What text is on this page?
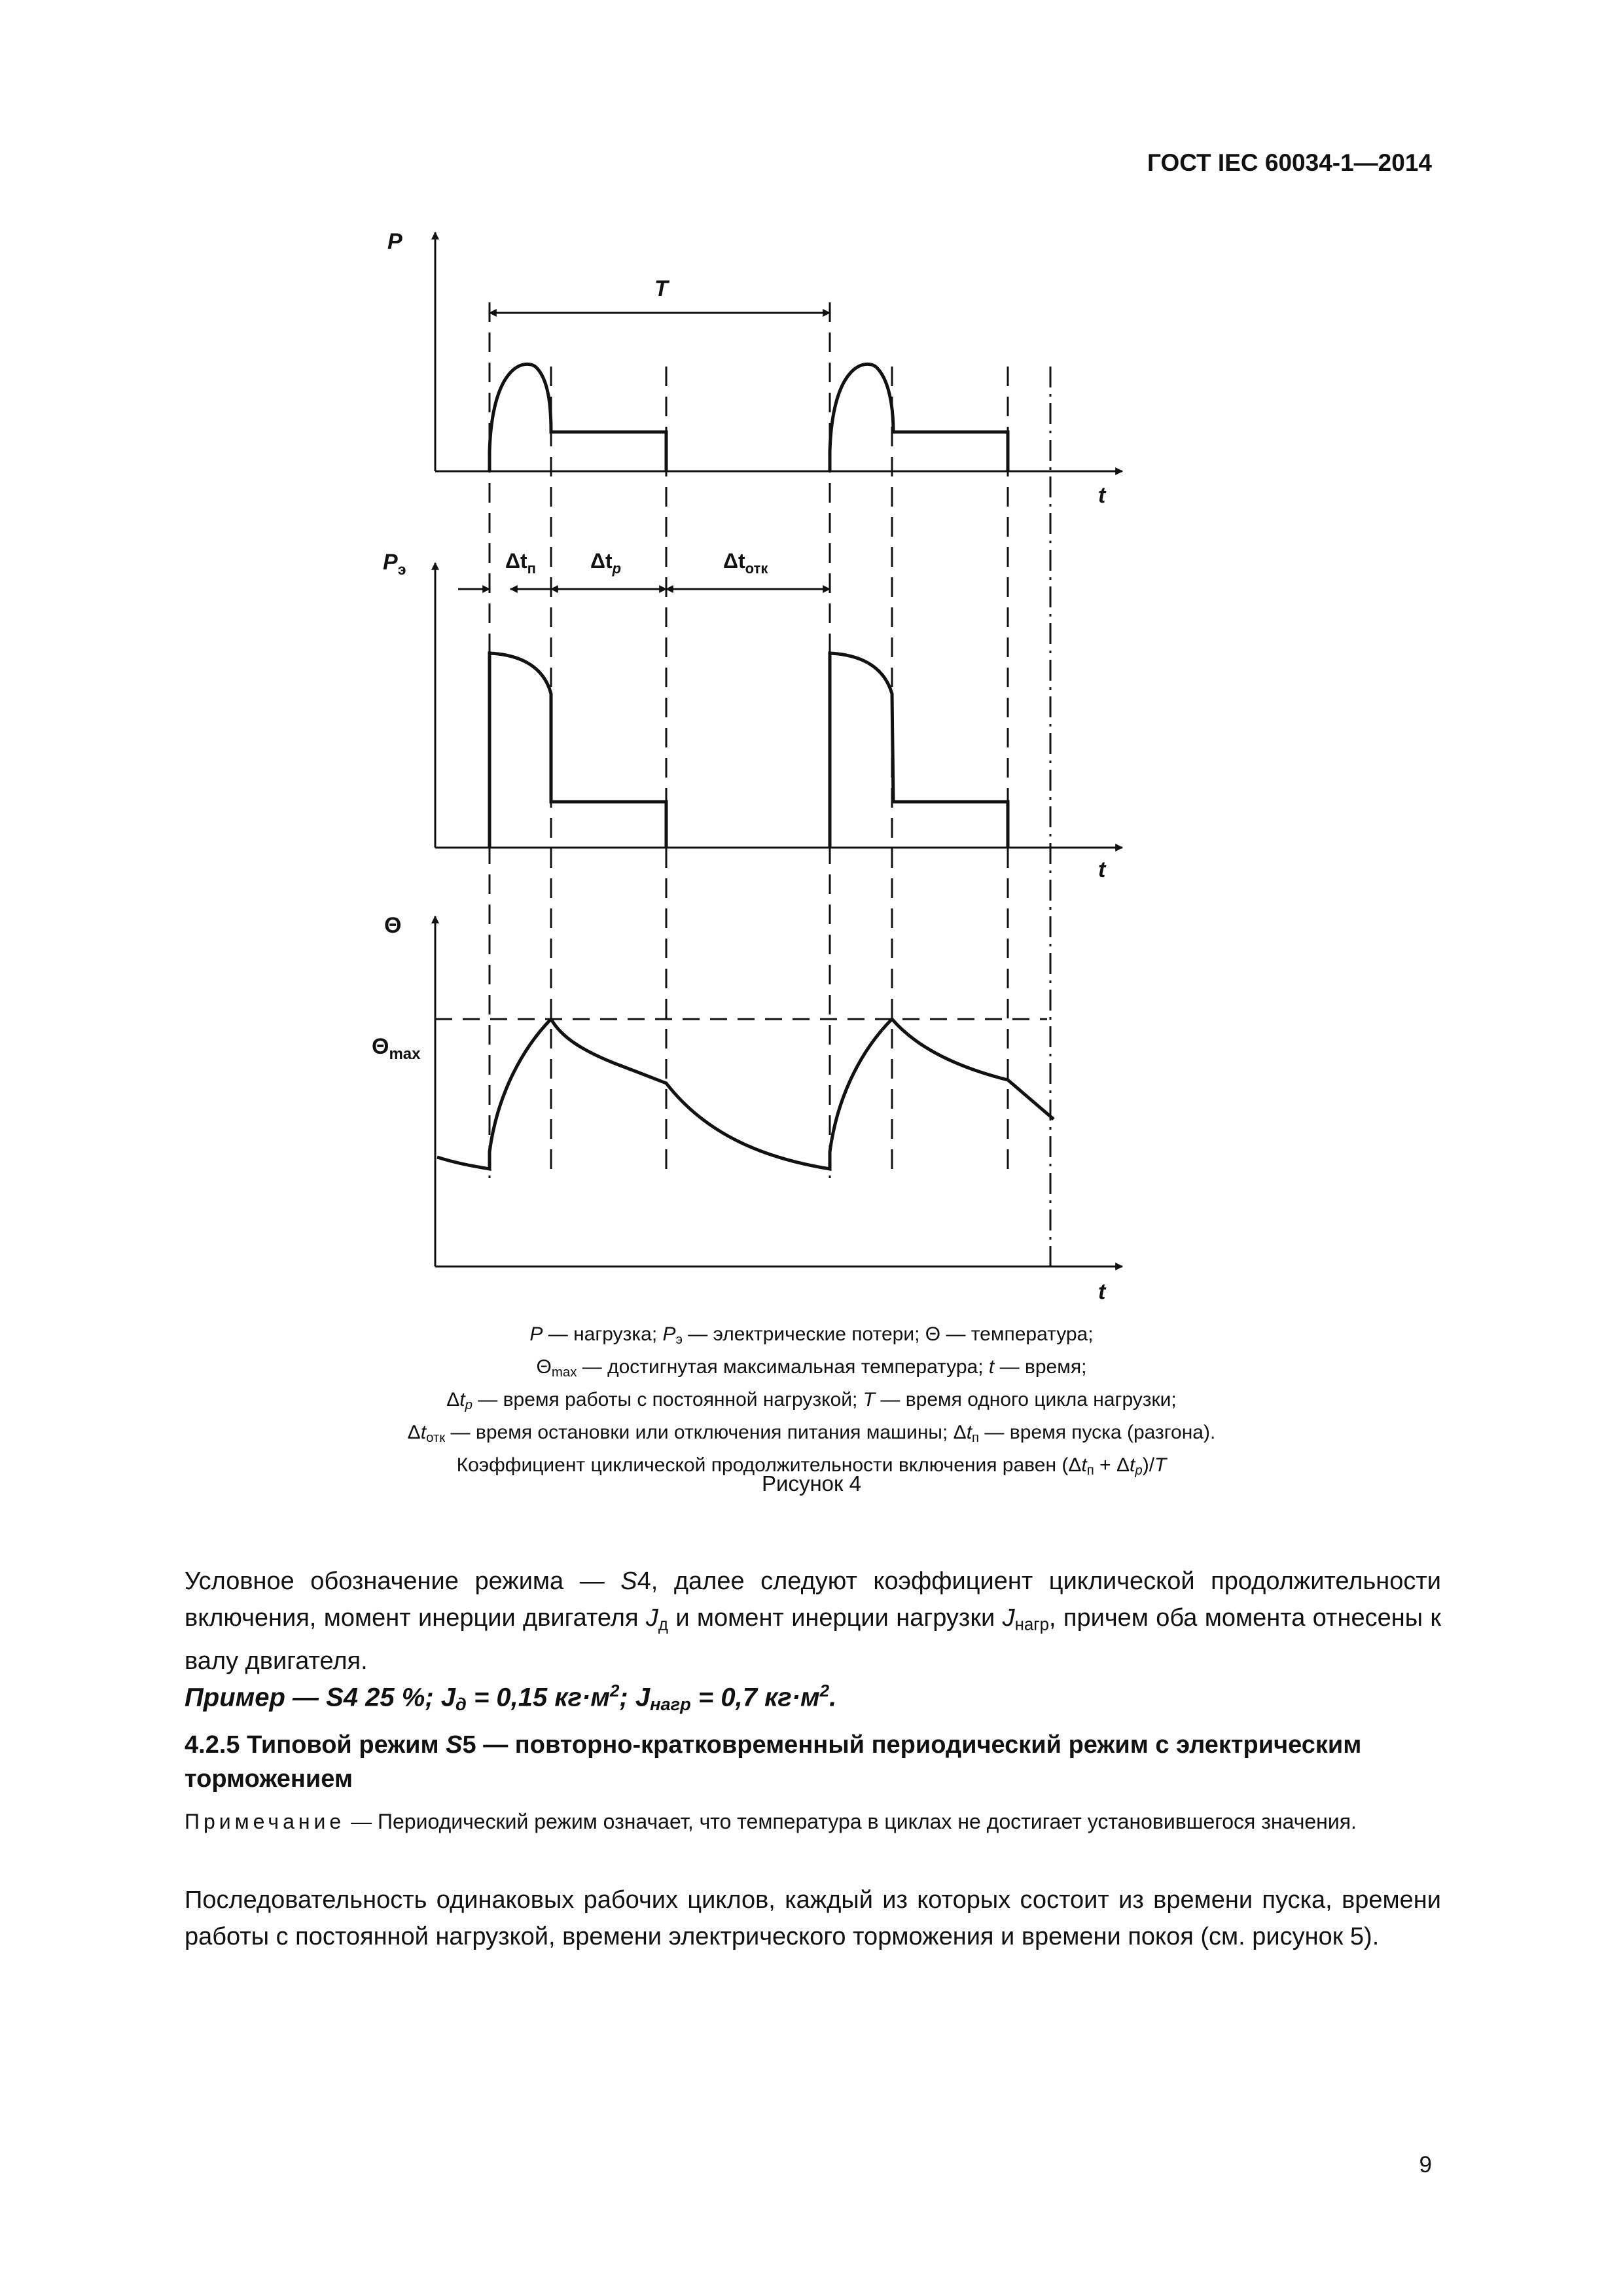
ГОСТ IEC 60034-1—2014
P
t
T
$P_э$
t
$\Delta t_п$	$\Delta t_p$	$\Delta t_{отк}$
Θ
t
$\Theta_{max}$
P — нагрузка; $P_э$ — электрические потери; Θ — температура;
$\Theta_{max}$ — достигнутая максимальная температура; t — время;
$\Delta t_p$ — время работы с постоянной нагрузкой; T — время одного цикла нагрузки;
$\Delta t_{отк}$ — время остановки или отключения питания машины; $\Delta t_п$ — время пуска (разгона).
Коэффициент циклической продолжительности включения равен $(\Delta t_п + \Delta t_p)/T$
Рисунок 4
Условное обозначение режима — S4, далее следуют коэффициент циклической продолжительности включения, момент инерции двигателя $J_д$ и момент инерции нагрузки $J_{нагр}$, причем оба момента отнесены к валу двигателя.
Пример — S4 25 %; $J_д = 0,15$ $кг\cdot м^2$; $J_{нагр} = 0,7$ $кг\cdot м^2$.
4.2.5 Типовой режим S5 — повторно-кратковременный периодический режим с электрическим торможением
Примечание — Периодический режим означает, что температура в циклах не достигает установившегося значения.
Последовательность одинаковых рабочих циклов, каждый из которых состоит из времени пуска, времени работы с постоянной нагрузкой, времени электрического торможения и времени покоя (см. рисунок 5).
9
